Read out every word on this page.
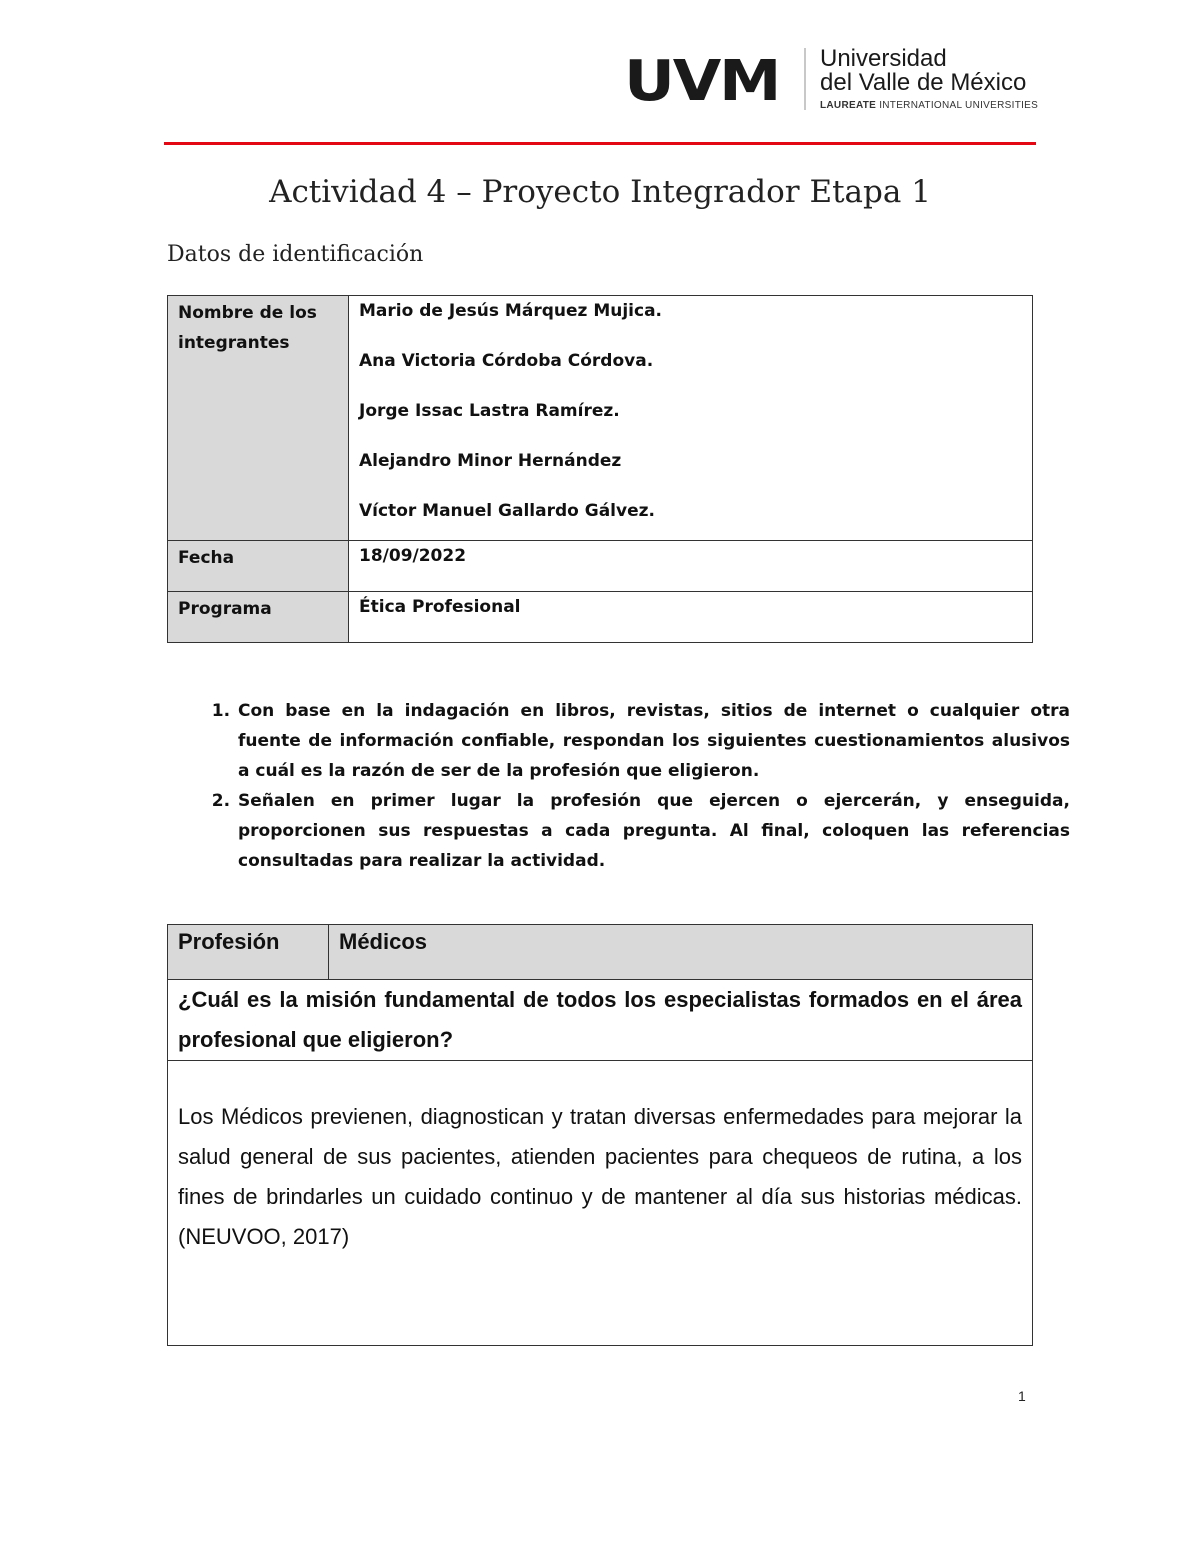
UVM Universidad
del Valle de México
LAUREATE INTERNATIONAL UNIVERSITIES
Actividad 4 – Proyecto Integrador Etapa 1
Datos de identificación
Nombre de los integrantes	Mario de Jesús Márquez Mujica.
Ana Victoria Córdoba Córdova.
Jorge Issac Lastra Ramírez.
Alejandro Minor Hernández
Víctor Manuel Gallardo Gálvez.

Fecha	18/09/2022

Programa	Ética Profesional
1. Con base en la indagación en libros, revistas, sitios de internet o cualquier otra fuente de información confiable, respondan los siguientes cuestionamientos alusivos a cuál es la razón de ser de la profesión que eligieron.
2. Señalen en primer lugar la profesión que ejercen o ejercerán, y enseguida, proporcionen sus respuestas a cada pregunta. Al final, coloquen las referencias consultadas para realizar la actividad.
Profesión	Médicos
¿Cuál es la misión fundamental de todos los especialistas formados en el área profesional que eligieron?
Los Médicos previenen, diagnostican y tratan diversas enfermedades para mejorar la salud general de sus pacientes, atienden pacientes para chequeos de rutina, a los fines de brindarles un cuidado continuo y de mantener al día sus historias médicas. (NEUVOO, 2017)
1
